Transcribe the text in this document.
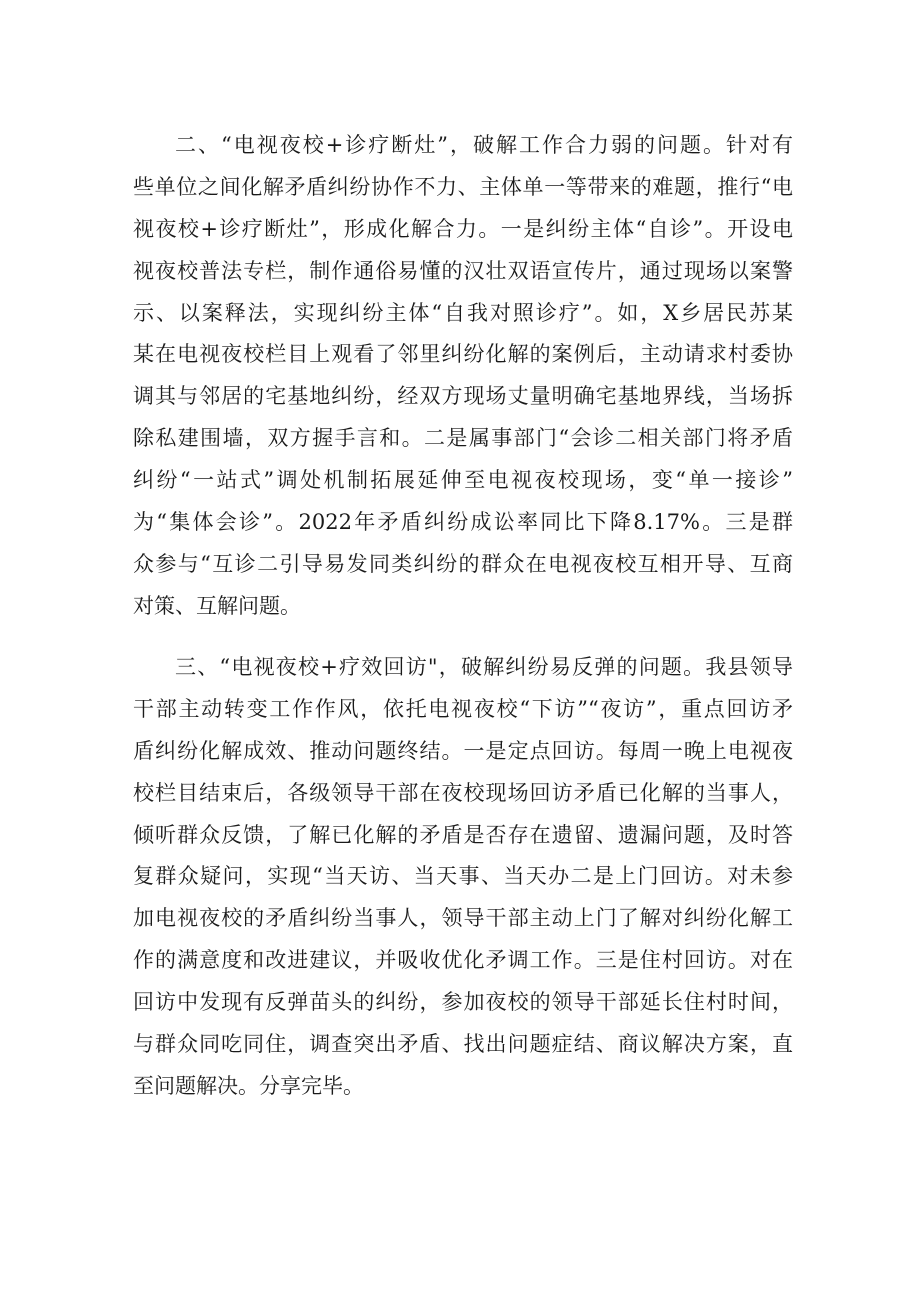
二、“电视夜校+诊疗断灶”，破解工作合力弱的问题。针对有
些单位之间化解矛盾纠纷协作不力、主体单一等带来的难题，推行“电
视夜校+诊疗断灶”，形成化解合力。一是纠纷主体“自诊”。开设电
视夜校普法专栏，制作通俗易懂的汉壮双语宣传片，通过现场以案警
示、以案释法，实现纠纷主体“自我对照诊疗”。如，X乡居民苏某
某在电视夜校栏目上观看了邻里纠纷化解的案例后，主动请求村委协
调其与邻居的宅基地纠纷，经双方现场丈量明确宅基地界线，当场拆
除私建围墙，双方握手言和。二是属事部门“会诊二相关部门将矛盾
纠纷“一站式”调处机制拓展延伸至电视夜校现场，变“单一接诊”
为“集体会诊”。2022年矛盾纠纷成讼率同比下降8.17%。三是群
众参与“互诊二引导易发同类纠纷的群众在电视夜校互相开导、互商
对策、互解问题。
三、“电视夜校+疗效回访"，破解纠纷易反弹的问题。我县领导
干部主动转变工作作风，依托电视夜校“下访”“夜访”，重点回访矛
盾纠纷化解成效、推动问题终结。一是定点回访。每周一晚上电视夜
校栏目结束后，各级领导干部在夜校现场回访矛盾已化解的当事人，
倾听群众反馈，了解已化解的矛盾是否存在遗留、遗漏问题，及时答
复群众疑问，实现“当天访、当天事、当天办二是上门回访。对未参
加电视夜校的矛盾纠纷当事人，领导干部主动上门了解对纠纷化解工
作的满意度和改进建议，并吸收优化矛调工作。三是住村回访。对在
回访中发现有反弹苗头的纠纷，参加夜校的领导干部延长住村时间，
与群众同吃同住，调查突出矛盾、找出问题症结、商议解决方案，直
至问题解决。分享完毕。
